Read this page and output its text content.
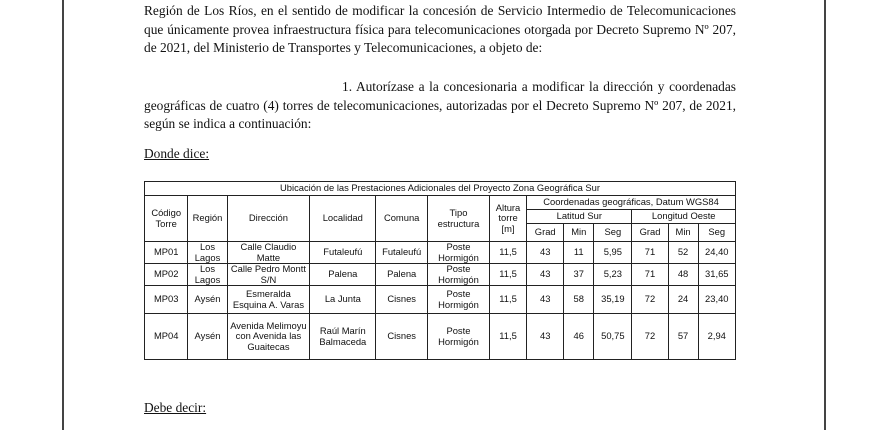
Región de Los Ríos, en el sentido de modificar la concesión de Servicio Intermedio de Telecomunicaciones que únicamente provea infraestructura física para telecomunicaciones otorgada por Decreto Supremo Nº 207, de 2021, del Ministerio de Transportes y Telecomunicaciones, a objeto de:

1. Autorízase a la concesionaria a modificar la dirección y coordenadas geográficas de cuatro (4) torres de telecomunicaciones, autorizadas por el Decreto Supremo Nº 207, de 2021, según se indica a continuación:

Donde dice:
Ubicación de las Prestaciones Adicionales del Proyecto Zona Geográfica Sur												
Código Torre	Región	Dirección	Localidad	Comuna	Tipo estructura	Altura torre [m]	Coordenadas geográficas, Datum WGS84					
							Latitud Sur			Longitud Oeste		
							Grad	Min	Seg	Grad	Min	Seg
MP01	Los Lagos	Calle Claudio Matte	Futaleufú	Futaleufú	Poste Hormigón	11,5	43	11	5,95	71	52	24,40
MP02	Los Lagos	Calle Pedro Montt S/N	Palena	Palena	Poste Hormigón	11,5	43	37	5,23	71	48	31,65
MP03	Aysén	Esmeralda Esquina A. Varas	La Junta	Cisnes	Poste Hormigón	11,5	43	58	35,19	72	24	23,40
MP04	Aysén	Avenida Melimoyu con Avenida las Guaitecas	Raúl Marín Balmaceda	Cisnes	Poste Hormigón	11,5	43	46	50,75	72	57	2,94
Debe decir:
